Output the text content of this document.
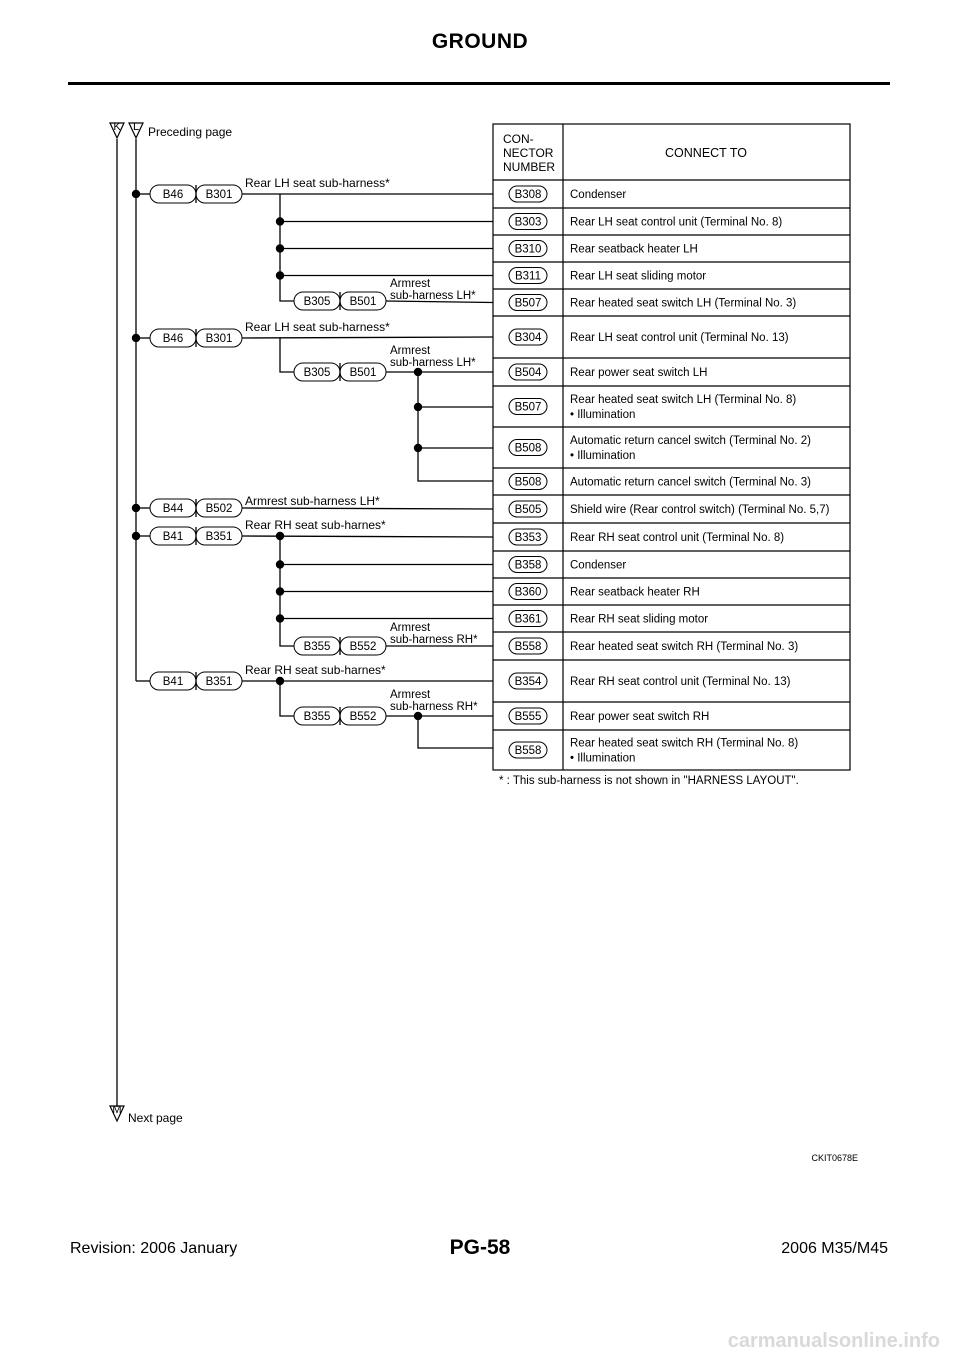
GROUND
CON-
NECTOR
NUMBER
CONNECT TO
B308 Condenser
B303 Rear LH seat control unit (Terminal No. 8)
B310 Rear seatback heater LH
B311	Rear LH seat sliding motor
B507 Rear heated seat switch LH (Terminal No. 3)
B304 Rear LH seat control unit (Terminal No. 13)
B504 Rear power seat switch LH
B507
Rear heated seat switch LH (Terminal No. 8)
• Illumination
B508
Automatic return cancel switch (Terminal No. 2)
• Illumination
B508 Automatic return cancel switch (Terminal No. 3)
B505 Shield wire (Rear control switch) (Terminal No. 5,7)
B353 Rear RH seat control unit (Terminal No. 8)
B358 Condenser
B360 Rear seatback heater RH
B361 Rear RH seat sliding motor
B558 Rear heated seat switch RH (Terminal No. 3)
B354 Rear RH seat control unit (Terminal No. 13)
B555 Rear power seat switch RH
B558
Rear heated seat switch RH (Terminal No. 8)
• Illumination
* : This sub-harness is not shown in "HARNESS LAYOUT".
K L Preceding page
M
Next page
B46 B301
Rear LH seat sub-harness*
B305 B501
Armrest
sub-harness LH*
B46 B301
Rear LH seat sub-harness*
B305 B501
Armrest
sub-harness LH*
B44 B502
Armrest sub-harness LH*
B41 B351
Rear RH seat sub-harnes*
B355 B552
Armrest
sub-harness RH*
B41 B351
Rear RH seat sub-harnes*
B355 B552
Armrest
sub-harness RH*
CKIT0678E
Revision: 2006 January	PG-58	2006 M35/M45
carmanualsonline.info
